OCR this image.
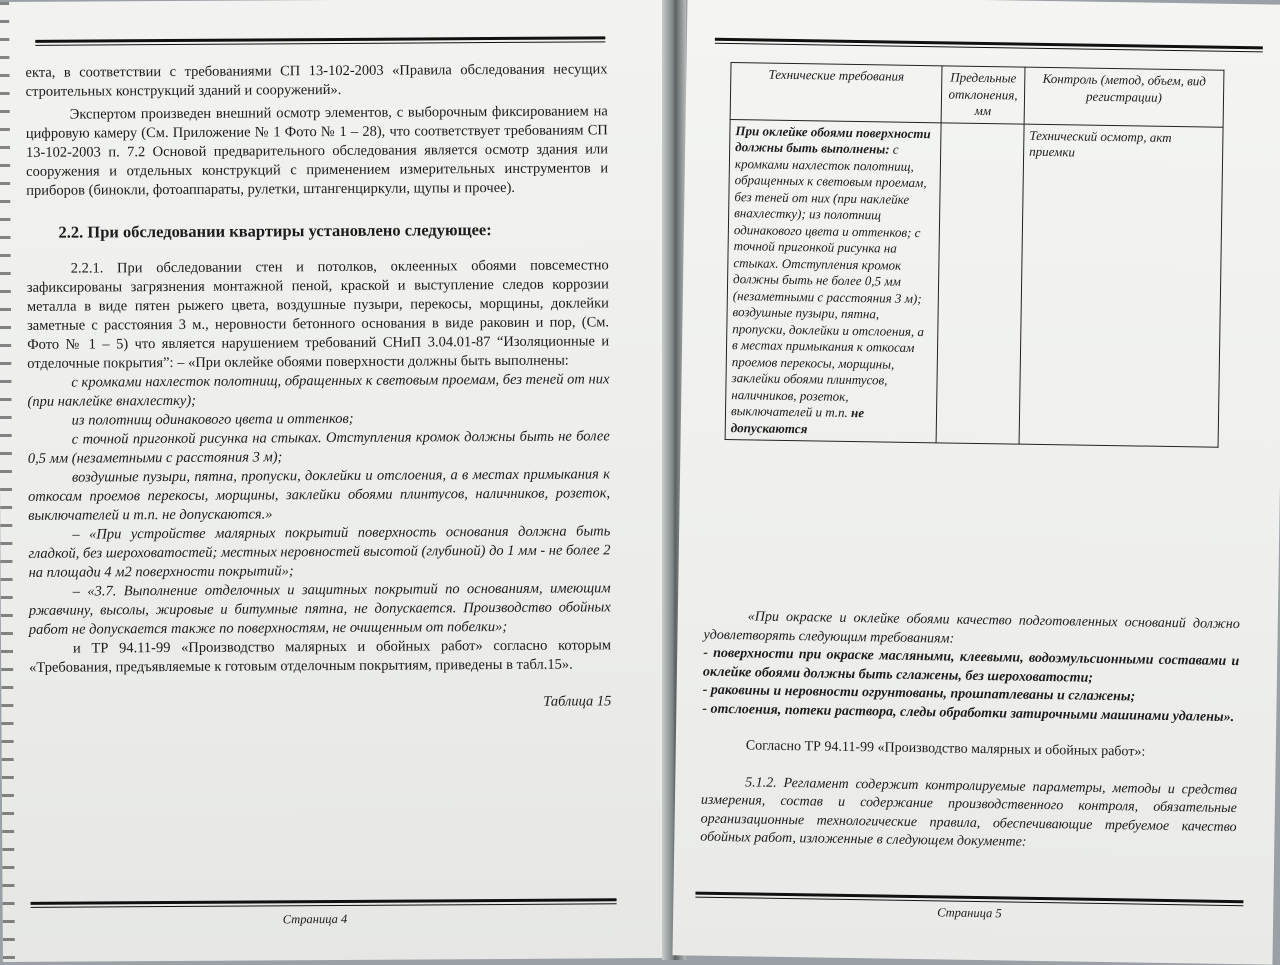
екта, в соответствии с требованиями СП 13-102-2003 «Правила обследования несущих строительных конструкций зданий и сооружений».

Экспертом произведен внешний осмотр элементов, с выборочным фиксированием на цифровую камеру (См. Приложение № 1 Фото № 1 – 28), что соответствует требованиям СП 13-102-2003 п. 7.2 Основой предварительного обследования является осмотр здания или сооружения и отдельных конструкций с применением измерительных инструментов и приборов (бинокли, фотоаппараты, рулетки, штангенциркули, щупы и прочее).

2.2. При обследовании квартиры установлено следующее:

2.2.1. При обследовании стен и потолков, оклеенных обоями повсеместно зафиксированы загрязнения монтажной пеной, краской и выступление следов коррозии металла в виде пятен рыжего цвета, воздушные пузыри, перекосы, морщины, доклейки заметные с расстояния 3 м., неровности бетонного основания в виде раковин и пор, (См. Фото № 1 – 5) что является нарушением требований СНиП 3.04.01-87 “Изоляционные и отделочные покрытия”: – «При оклейке обоями поверхности должны быть выполнены:

с кромками нахлесток полотнищ, обращенных к световым проемам, без теней от них (при наклейке внахлестку);

из полотнищ одинакового цвета и оттенков;

с точной пригонкой рисунка на стыках. Отступления кромок должны быть не более 0,5 мм (незаметными с расстояния 3 м);

воздушные пузыри, пятна, пропуски, доклейки и отслоения, а в местах примыкания к откосам проемов перекосы, морщины, заклейки обоями плинтусов, наличников, розеток, выключателей и т.п. не допускаются.»

– «При устройстве малярных покрытий поверхность основания должна быть гладкой, без шероховатостей; местных неровностей высотой (глубиной) до 1 мм - не более 2 на площади 4 м2 поверхности покрытий»;

– «3.7. Выполнение отделочных и защитных покрытий по основаниям, имеющим ржавчину, высолы, жировые и битумные пятна, не допускается. Производство обойных работ не допускается также по поверхностям, не очищенным от побелки»;

и ТР 94.11-99 «Производство малярных и обойных работ» согласно которым «Требования, предъявляемые к готовым отделочным покрытиям, приведены в табл.15».

Таблица 15

Страница 4
Технические требования	Предельные отклонения, мм	Контроль (метод, объем, вид регистрации)
При оклейке обоями поверхности должны быть выполнены: с кромками нахлесток полотнищ, обращенных к световым проемам, без теней от них (при наклейке внахлестку); из полотнищ одинакового цвета и оттенков; с точной пригонкой рисунка на стыках. Отступления кромок должны быть не более 0,5 мм (незаметными с расстояния 3 м); воздушные пузыри, пятна, пропуски, доклейки и отслоения, а в местах примыкания к откосам проемов перекосы, морщины, заклейки обоями плинтусов, наличников, розеток, выключателей и т.п. не допускаются		Технический осмотр, акт приемки

«При окраске и оклейке обоями качество подготовленных оснований должно удовлетворять следующим требованиям:

- поверхности при окраске масляными, клеевыми, водоэмульсионными составами и оклейке обоями должны быть сглажены, без шероховатости;

- раковины и неровности огрунтованы, прошпатлеваны и сглажены;

- отслоения, потеки раствора, следы обработки затирочными машинами удалены».

Согласно ТР 94.11-99 «Производство малярных и обойных работ»:

5.1.2. Регламент содержит контролируемые параметры, методы и средства измерения, состав и содержание производственного контроля, обязательные организационные технологические правила, обеспечивающие требуемое качество обойных работ, изложенные в следующем документе:

Страница 5
